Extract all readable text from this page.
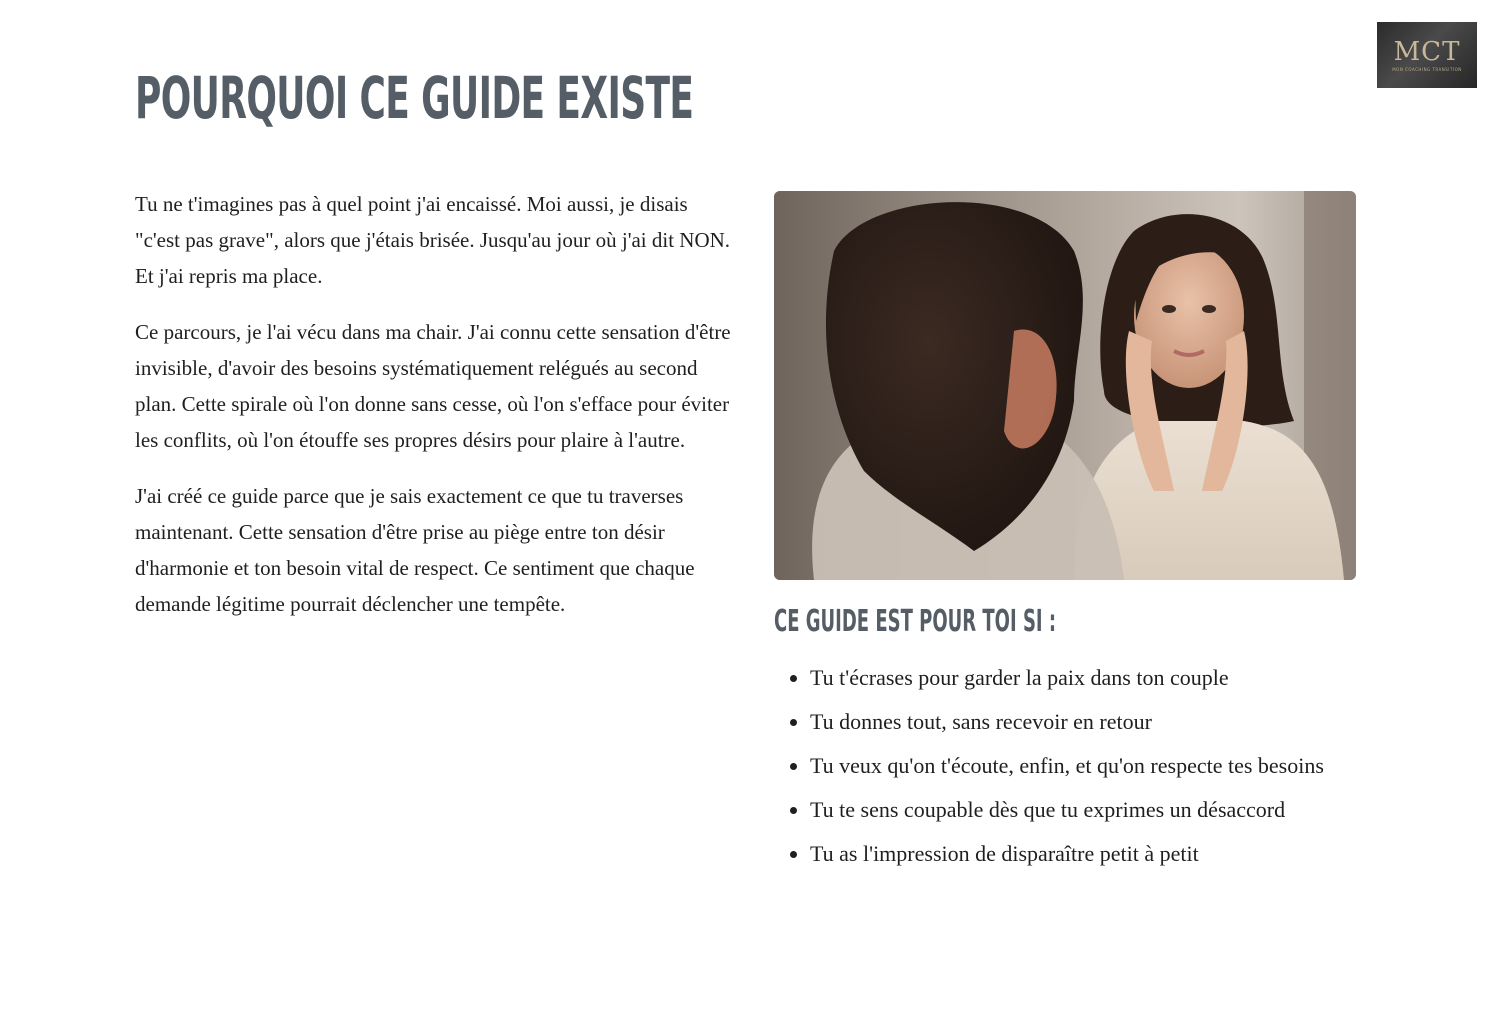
MCT
MON COACHING TRANSITION
POURQUOI CE GUIDE EXISTE

Tu ne t'imagines pas à quel point j'ai encaissé. Moi aussi, je disais "c'est pas grave", alors que j'étais brisée. Jusqu'au jour où j'ai dit NON. Et j'ai repris ma place.

Ce parcours, je l'ai vécu dans ma chair. J'ai connu cette sensation d'être invisible, d'avoir des besoins systématiquement relégués au second plan. Cette spirale où l'on donne sans cesse, où l'on s'efface pour éviter les conflits, où l'on étouffe ses propres désirs pour plaire à l'autre.

J'ai créé ce guide parce que je sais exactement ce que tu traverses maintenant. Cette sensation d'être prise au piège entre ton désir d'harmonie et ton besoin vital de respect. Ce sentiment que chaque demande légitime pourrait déclencher une tempête.	CE GUIDE EST POUR TOI SI :
• Tu t'écrases pour garder la paix dans ton couple
• Tu donnes tout, sans recevoir en retour
• Tu veux qu'on t'écoute, enfin, et qu'on respecte tes besoins
• Tu te sens coupable dès que tu exprimes un désaccord
• Tu as l'impression de disparaître petit à petit
